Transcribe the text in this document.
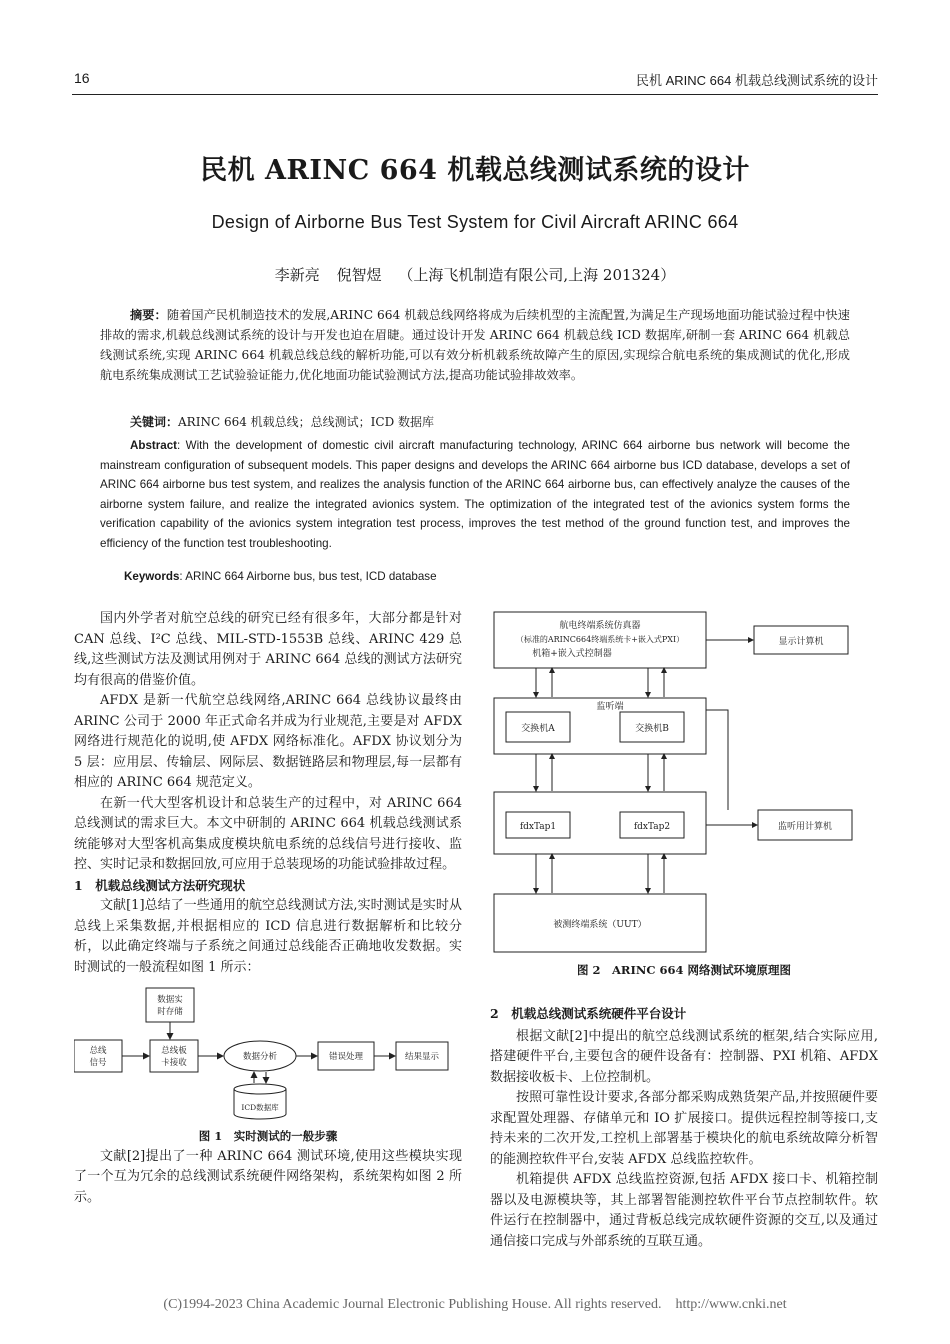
16	民机 ARINC 664 机载总线测试系统的设计
民机 ARINC 664 机载总线测试系统的设计
Design of Airborne Bus Test System for Civil Aircraft ARINC 664
李新亮 倪智煜 （上海飞机制造有限公司,上海 201324）
摘要：随着国产民机制造技术的发展,ARINC 664 机载总线网络将成为后续机型的主流配置,为满足生产现场地面功能试验过程中快速排故的需求,机载总线测试系统的设计与开发也迫在眉睫。通过设计开发 ARINC 664 机载总线 ICD 数据库,研制一套 ARINC 664 机载总线测试系统,实现 ARINC 664 机载总线总线的解析功能,可以有效分析机载系统故障产生的原因,实现综合航电系统的集成测试的优化,形成航电系统集成测试工艺试验验证能力,优化地面功能试验测试方法,提高功能试验排故效率。
关键词：ARINC 664 机载总线；总线测试；ICD 数据库
Abstract: With the development of domestic civil aircraft manufacturing technology, ARINC 664 airborne bus network will become the mainstream configuration of subsequent models. This paper designs and develops the ARINC 664 airborne bus ICD database, develops a set of ARINC 664 airborne bus test system, and realizes the analysis function of the ARINC 664 airborne bus, can effectively analyze the causes of the airborne system failure, and realize the integrated avionics system. The optimization of the integrated test of the avionics system forms the verification capability of the avionics system integration test process, improves the test method of the ground function test, and improves the efficiency of the function test troubleshooting.
Keywords: ARINC 664 Airborne bus, bus test, ICD database

国内外学者对航空总线的研究已经有很多年，大部分都是针对 CAN 总线、I²C 总线、MIL-STD-1553B 总线、ARINC 429 总线,这些测试方法及测试用例对于 ARINC 664 总线的测试方法研究均有很高的借鉴价值。

AFDX 是新一代航空总线网络,ARINC 664 总线协议最终由 ARINC 公司于 2000 年正式命名并成为行业规范,主要是对 AFDX 网络进行规范化的说明,使 AFDX 网络标准化。AFDX 协议划分为 5 层：应用层、传输层、网际层、数据链路层和物理层,每一层都有相应的 ARINC 664 规范定义。

在新一代大型客机设计和总装生产的过程中，对 ARINC 664 总线测试的需求巨大。本文中研制的 ARINC 664 机载总线测试系统能够对大型客机高集成度模块航电系统的总线信号进行接收、监控、实时记录和数据回放,可应用于总装现场的功能试验排故过程。

1　机载总线测试方法研究现状

文献[1]总结了一些通用的航空总线测试方法,实时测试是实时从总线上采集数据,并根据相应的 ICD 信息进行数据解析和比较分析，以此确定终端与子系统之间通过总线能否正确地收发数据。实时测试的一般流程如图 1 所示：

数据实
时存储
总线
信号
总线板
卡接收
数据分析	错误处理	结果显示
ICD数据库

图 1　实时测试的一般步骤

文献[2]提出了一种 ARINC 664 测试环境,使用这些模块实现了一个互为冗余的总线测试系统硬件网络架构，系统架构如图 2 所示。

航电终端系统仿真器
（标准的ARINC664终端系统卡+嵌入式PXI）
机箱+嵌入式控制器
显示计算机
监听端
交换机A	交换机B
fdxTap1	fdxTap2	监听用计算机
被测终端系统（UUT）
图 2　ARINC 664 网络测试环境原理图

2　机载总线测试系统硬件平台设计

根据文献[2]中提出的航空总线测试系统的框架,结合实际应用,搭建硬件平台,主要包含的硬件设备有：控制器、PXI 机箱、AFDX 数据接收板卡、上位控制机。

按照可靠性设计要求,各部分都采购成熟货架产品,并按照硬件要求配置处理器、存储单元和 IO 扩展接口。提供远程控制等接口,支持未来的二次开发,工控机上部署基于模块化的航电系统故障分析智的能测控软件平台,安装 AFDX 总线监控软件。

机箱提供 AFDX 总线监控资源,包括 AFDX 接口卡、机箱控制器以及电源模块等，其上部署智能测控软件平台节点控制软件。软件运行在控制器中，通过背板总线完成软硬件资源的交互,以及通过通信接口完成与外部系统的互联互通。

(C)1994-2023 China Academic Journal Electronic Publishing House. All rights reserved. http://www.cnki.net
